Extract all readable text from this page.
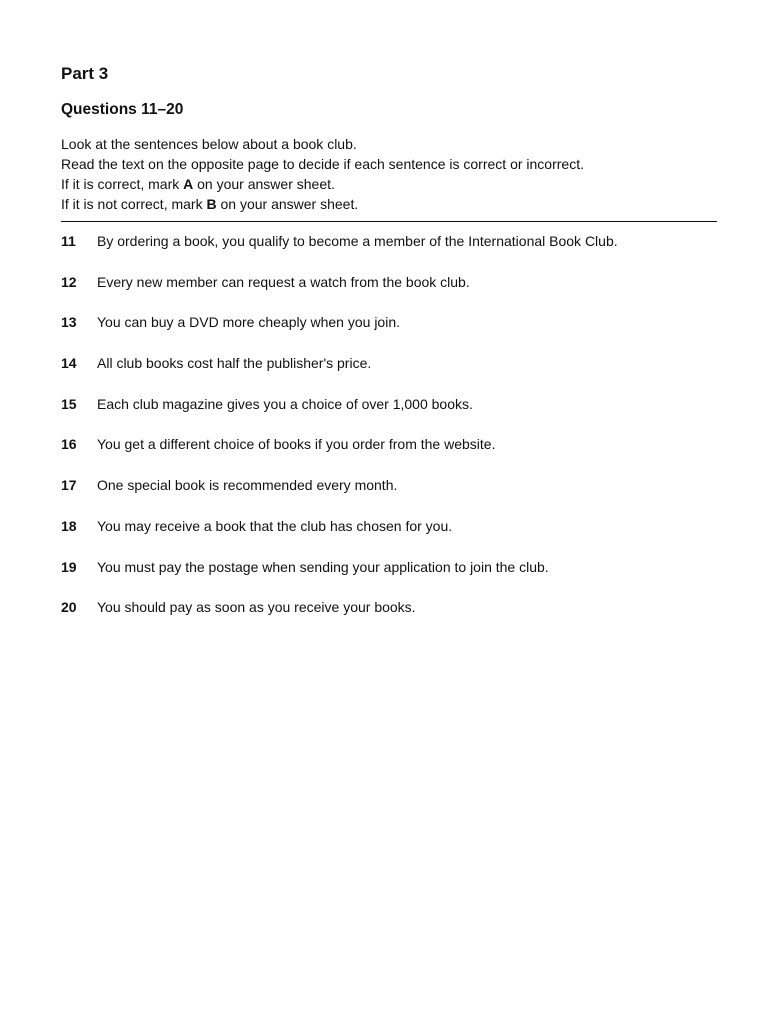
Part 3
Questions 11–20
Look at the sentences below about a book club.
Read the text on the opposite page to decide if each sentence is correct or incorrect.
If it is correct, mark A on your answer sheet.
If it is not correct, mark B on your answer sheet.
11	By ordering a book, you qualify to become a member of the International Book Club.
12	Every new member can request a watch from the book club.
13	You can buy a DVD more cheaply when you join.
14	All club books cost half the publisher's price.
15	Each club magazine gives you a choice of over 1,000 books.
16	You get a different choice of books if you order from the website.
17	One special book is recommended every month.
18	You may receive a book that the club has chosen for you.
19	You must pay the postage when sending your application to join the club.
20	You should pay as soon as you receive your books.
